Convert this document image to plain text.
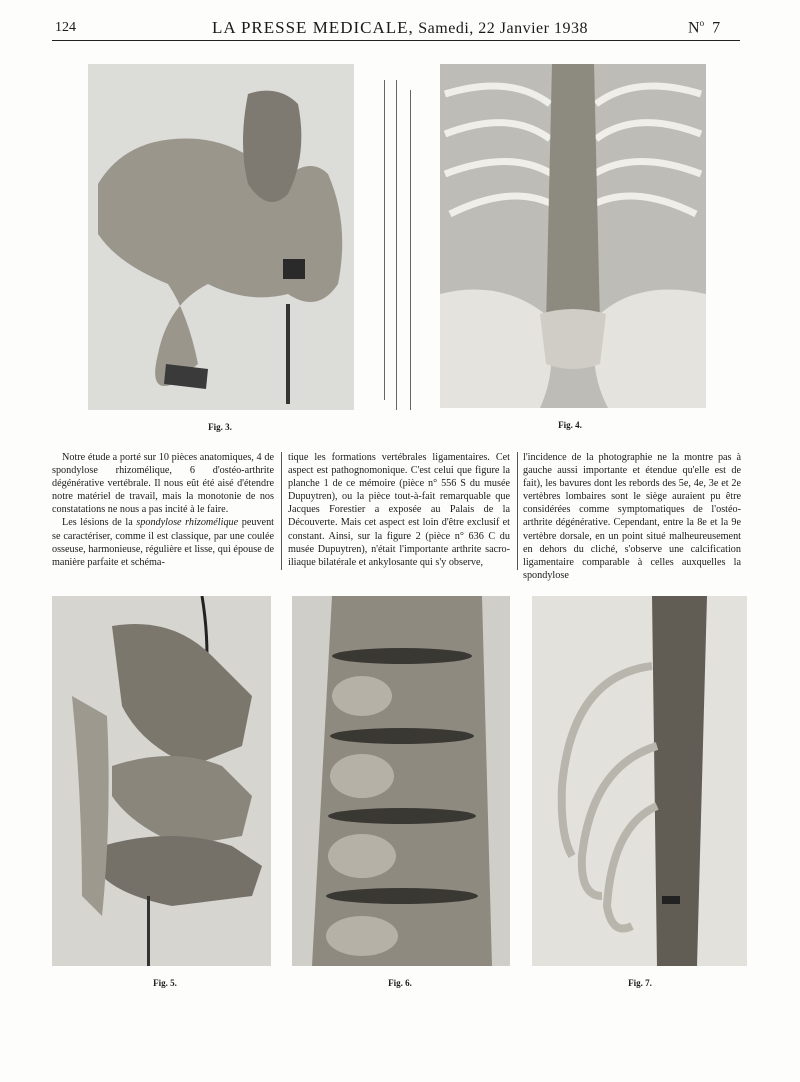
124	LA PRESSE MEDICALE, Samedi, 22 Janvier 1938	$N^o$ 7
Fig. 3.	Fig. 4.

Notre étude a porté sur 10 pièces anatomiques, 4 de spondylose rhizomélique, 6 d'ostéo-arthrite dégénérative vertébrale. Il nous eût été aisé d'étendre notre matériel de travail, mais la monotonie de nos constatations ne nous a pas incité à le faire.

Les lésions de la spondylose rhizomélique peuvent se caractériser, comme il est classique, par une coulée osseuse, harmonieuse, régulière et lisse, qui épouse de manière parfaite et schéma-

tique les formations vertébrales ligamentaires. Cet aspect est pathognomonique. C'est celui que figure la planche 1 de ce mémoire (pièce n° 556 S du musée Dupuytren), ou la pièce tout-à-fait remarquable que Jacques Forestier a exposée au Palais de la Découverte. Mais cet aspect est loin d'être exclusif et constant. Ainsi, sur la figure 2 (pièce n° 636 C du musée Dupuytren), n'était l'importante arthrite sacro-iliaque bilatérale et ankylosante qui s'y observe,

l'incidence de la photographie ne la montre pas à gauche aussi importante et étendue qu'elle est de fait), les bavures dont les rebords des 5e, 4e, 3e et 2e vertèbres lombaires sont le siège auraient pu être considérées comme symptomatiques de l'ostéo-arthrite dégénérative. Cependant, entre la 8e et la 9e vertèbre dorsale, en un point situé malheureusement en dehors du cliché, s'observe une calcification ligamentaire comparable à celles auxquelles la spondylose

Fig. 5.	Fig. 6.	Fig. 7.
